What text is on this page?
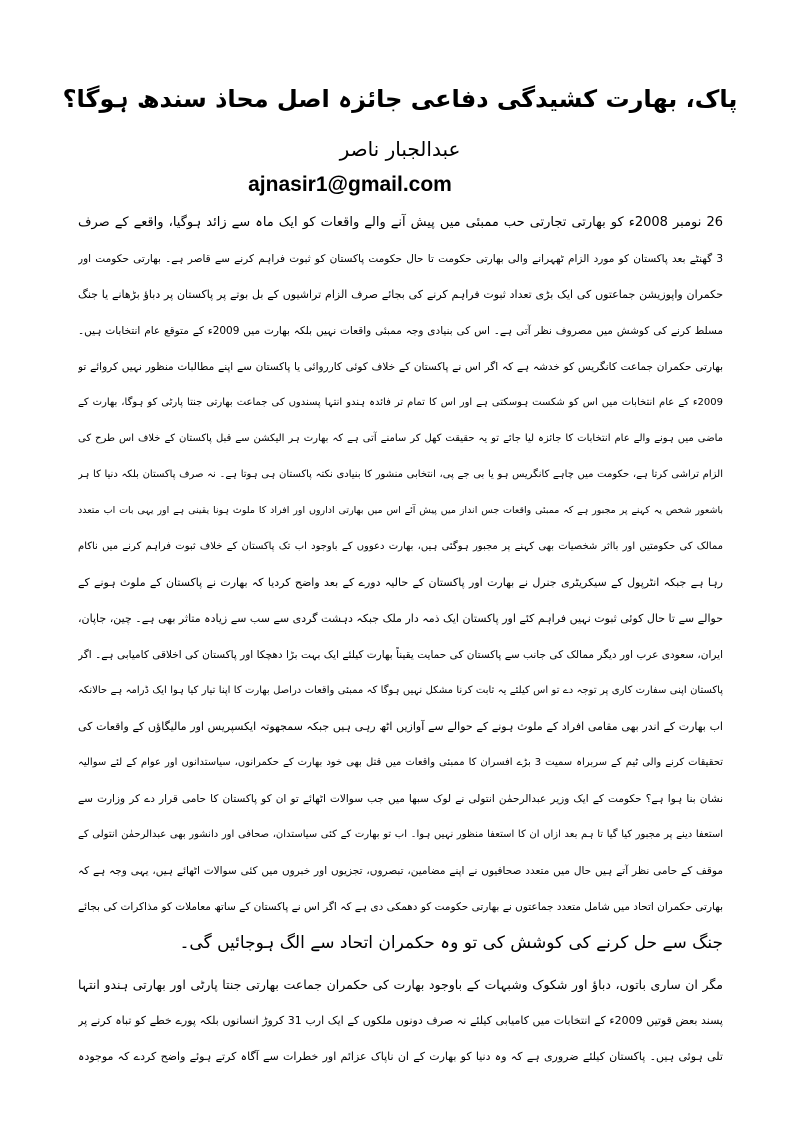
پاک، بھارت کشیدگی دفاعی جائزہ اصل محاذ سندھ ہوگا؟
عبدالجبار ناصر
ajnasir1@gmail.com
26 نومبر 2008ء کو بھارتی تجارتی حب ممبئی میں پیش آنے والے واقعات کو ایک ماہ سے زائد ہوگیا، واقعے کے صرف
3 گھنٹے بعد پاکستان کو مورد الزام ٹھہرانے والی بھارتی حکومت تا حال حکومت پاکستان کو ثبوت فراہم کرنے سے قاصر ہے۔ بھارتی حکومت اور
حکمران واپوزیشن جماعتوں کی ایک بڑی تعداد ثبوت فراہم کرنے کی بجائے صرف الزام تراشیوں کے بل بوتے پر پاکستان پر دباؤ بڑھانے یا جنگ
مسلط کرنے کی کوشش میں مصروف نظر آتی ہے۔ اس کی بنیادی وجہ ممبئی واقعات نہیں بلکہ بھارت میں 2009ء کے متوقع عام انتخابات ہیں۔
بھارتی حکمران جماعت کانگریس کو خدشہ ہے کہ اگر اس نے پاکستان کے خلاف کوئی کارروائی یا پاکستان سے اپنے مطالبات منظور نہیں کروائے تو
2009ء کے عام انتخابات میں اس کو شکست ہوسکتی ہے اور اس کا تمام تر فائدہ ہندو انتہا پسندوں کی جماعت بھارتی جنتا پارٹی کو ہوگا، بھارت کے
ماضی میں ہونے والے عام انتخابات کا جائزہ لیا جائے تو یہ حقیقت کھل کر سامنے آتی ہے کہ بھارت ہر الیکشن سے قبل پاکستان کے خلاف اس طرح کی
الزام تراشی کرتا ہے، حکومت میں چاہے کانگریس ہو یا بی جے پی، انتخابی منشور کا بنیادی نکتہ پاکستان ہی ہوتا ہے۔ نہ صرف پاکستان بلکہ دنیا کا ہر
باشعور شخص یہ کہنے پر مجبور ہے کہ ممبئی واقعات جس انداز میں پیش آئے اس میں بھارتی اداروں اور افراد کا ملوث ہونا یقینی ہے اور یہی بات اب متعدد
ممالک کی حکومتیں اور بااثر شخصیات بھی کہنے پر مجبور ہوگئی ہیں، بھارت دعووں کے باوجود اب تک پاکستان کے خلاف ثبوت فراہم کرنے میں ناکام
رہا ہے جبکہ انٹرپول کے سیکریٹری جنرل نے بھارت اور پاکستان کے حالیہ دورے کے بعد واضح کردیا کہ بھارت نے پاکستان کے ملوث ہونے کے
حوالے سے تا حال کوئی ثبوت نہیں فراہم کئے اور پاکستان ایک ذمہ دار ملک جبکہ دہشت گردی سے سب سے زیادہ متاثر بھی ہے۔ چین، جاپان،
ایران، سعودی عرب اور دیگر ممالک کی جانب سے پاکستان کی حمایت یقیناً بھارت کیلئے ایک بہت بڑا دھچکا اور پاکستان کی اخلاقی کامیابی ہے۔ اگر
پاکستان اپنی سفارت کاری پر توجہ دے تو اس کیلئے یہ ثابت کرنا مشکل نہیں ہوگا کہ ممبئی واقعات دراصل بھارت کا اپنا تیار کیا ہوا ایک ڈرامہ ہے حالانکہ
اب بھارت کے اندر بھی مقامی افراد کے ملوث ہونے کے حوالے سے آوازیں اٹھ رہی ہیں جبکہ سمجھوتہ ایکسپریس اور مالیگاؤں کے واقعات کی
تحقیقات کرنے والی ٹیم کے سربراہ سمیت 3 بڑے افسران کا ممبئی واقعات میں قتل بھی خود بھارت کے حکمرانوں، سیاستدانوں اور عوام کے لئے سوالیہ
نشان بنا ہوا ہے؟ حکومت کے ایک وزیر عبدالرحمٰن انتولی نے لوک سبھا میں جب سوالات اٹھائے تو ان کو پاکستان کا حامی قرار دے کر وزارت سے
استعفا دینے پر مجبور کیا گیا تا ہم بعد ازاں ان کا استعفا منظور نہیں ہوا۔ اب تو بھارت کے کئی سیاستدان، صحافی اور دانشور بھی عبدالرحمٰن انتولی کے
موقف کے حامی نظر آتے ہیں حال میں متعدد صحافیوں نے اپنے مضامین، تبصروں، تجزیوں اور خبروں میں کئی سوالات اٹھائے ہیں، یہی وجہ ہے کہ
بھارتی حکمران اتحاد میں شامل متعدد جماعتوں نے بھارتی حکومت کو دھمکی دی ہے کہ اگر اس نے پاکستان کے ساتھ معاملات کو مذاکرات کی بجائے
جنگ سے حل کرنے کی کوشش کی تو وہ حکمران اتحاد سے الگ ہوجائیں گی۔
مگر ان ساری باتوں، دباؤ اور شکوک وشبہات کے باوجود بھارت کی حکمران جماعت بھارتی جنتا پارٹی اور بھارتی ہندو انتہا
پسند بعض قوتیں 2009ء کے انتخابات میں کامیابی کیلئے نہ صرف دونوں ملکوں کے ایک ارب 31 کروڑ انسانوں بلکہ پورے خطے کو تباہ کرنے پر
تلی ہوئی ہیں۔ پاکستان کیلئے ضروری ہے کہ وہ دنیا کو بھارت کے ان ناپاک عزائم اور خطرات سے آگاہ کرتے ہوئے واضح کردے کہ موجودہ
